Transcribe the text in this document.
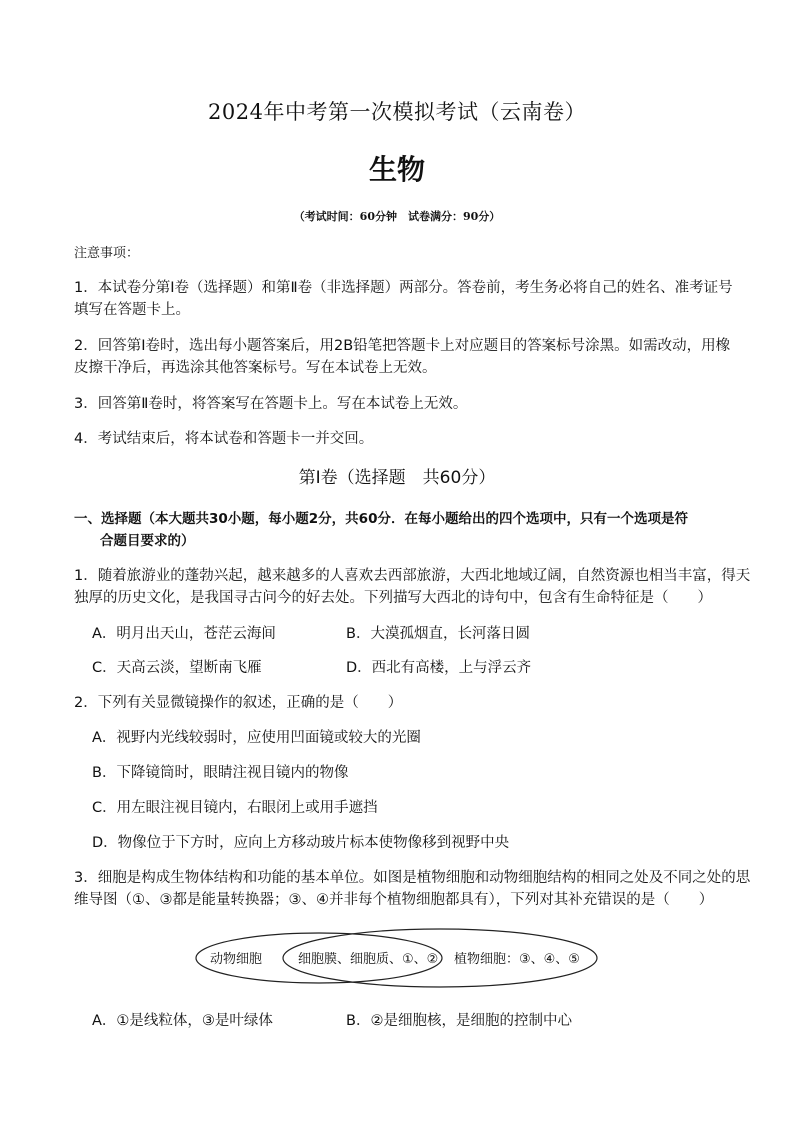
2024年中考第一次模拟考试（云南卷）
生物
（考试时间：60分钟　试卷满分：90分）
注意事项：
1．本试卷分第Ⅰ卷（选择题）和第Ⅱ卷（非选择题）两部分。答卷前，考生务必将自己的姓名、准考证号
填写在答题卡上。
2．回答第Ⅰ卷时，选出每小题答案后，用2B铅笔把答题卡上对应题目的答案标号涂黑。如需改动，用橡
皮擦干净后，再选涂其他答案标号。写在本试卷上无效。
3．回答第Ⅱ卷时，将答案写在答题卡上。写在本试卷上无效。
4．考试结束后，将本试卷和答题卡一并交回。
第Ⅰ卷（选择题　共60分）
一、选择题（本大题共30小题，每小题2分，共60分．在每小题给出的四个选项中，只有一个选项是符
合题目要求的）
1．随着旅游业的蓬勃兴起，越来越多的人喜欢去西部旅游，大西北地域辽阔，自然资源也相当丰富，得天
独厚的历史文化，是我国寻古问今的好去处。下列描写大西北的诗句中，包含有生命特征是（　　）
A．明月出天山，苍茫云海间	B．大漠孤烟直，长河落日圆
C．天高云淡，望断南飞雁	D．西北有高楼，上与浮云齐
2．下列有关显微镜操作的叙述，正确的是（　　）
A．视野内光线较弱时，应使用凹面镜或较大的光圈
B．下降镜筒时，眼睛注视目镜内的物像
C．用左眼注视目镜内，右眼闭上或用手遮挡
D．物像位于下方时，应向上方移动玻片标本使物像移到视野中央
3．细胞是构成生物体结构和功能的基本单位。如图是植物细胞和动物细胞结构的相同之处及不同之处的思
维导图（①、③都是能量转换器；③、④并非每个植物细胞都具有），下列对其补充错误的是（　　）
动物细胞	细胞膜、细胞质、①、② 植物细胞：③、④、⑤
A．①是线粒体，③是叶绿体	B．②是细胞核，是细胞的控制中心
